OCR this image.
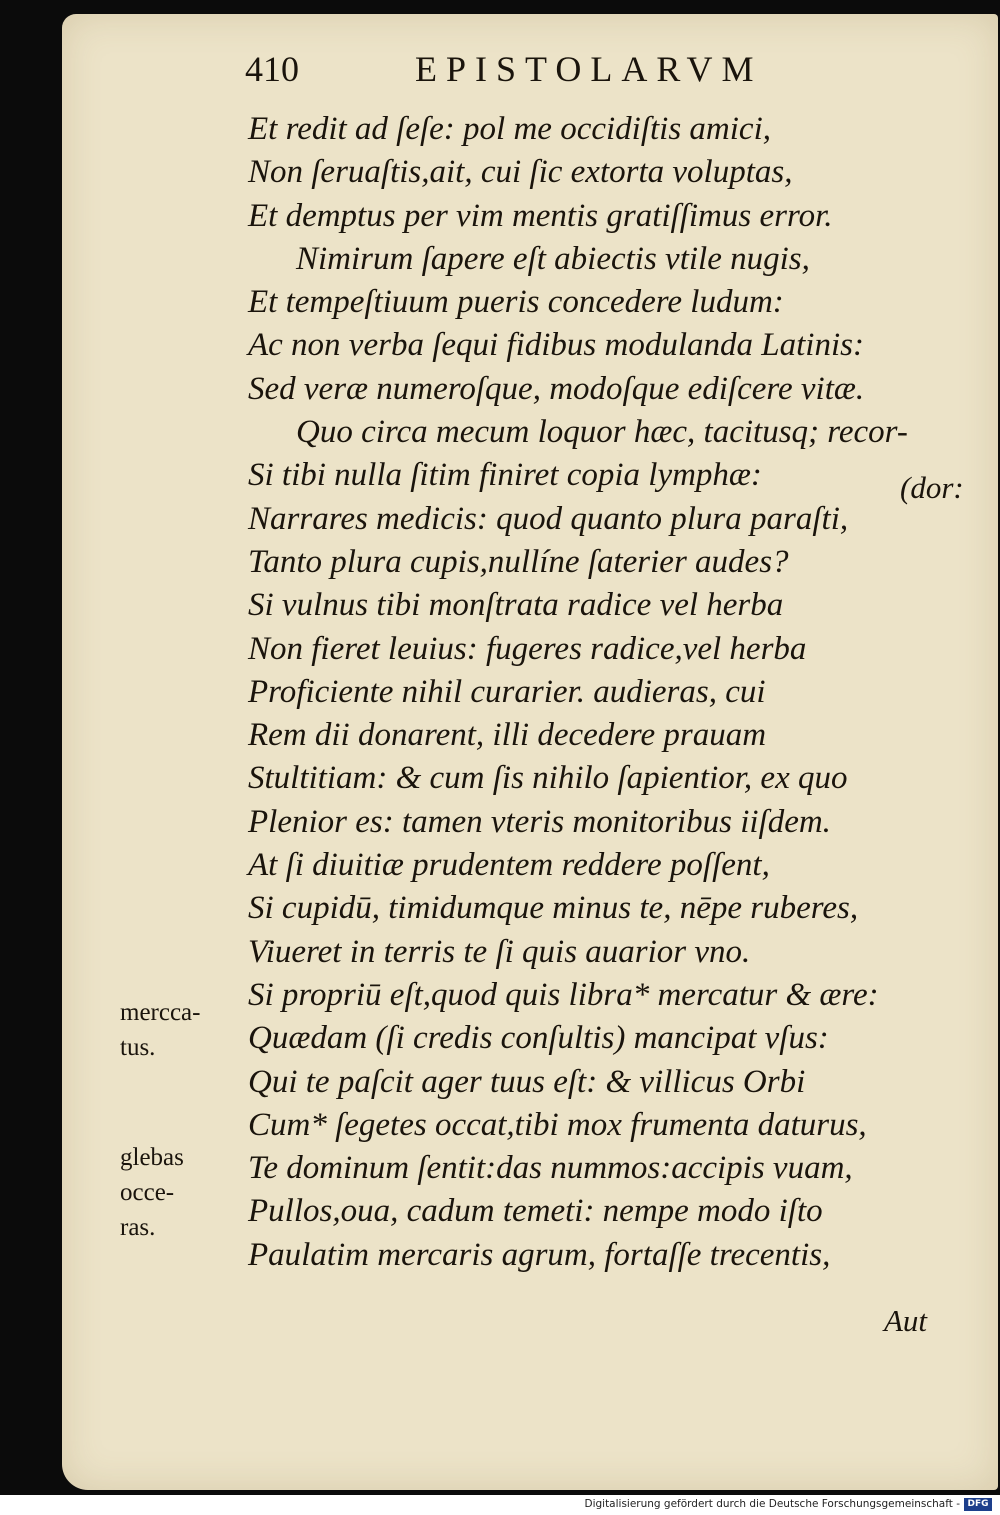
410	EPISTOLARVM
Et redit ad ſeſe: pol me occidiſtis amici,
Non ſeruaſtis,ait, cui ſic extorta voluptas,
Et demptus per vim mentis gratiſſimus error.
Nimirum ſapere eſt abiectis vtile nugis,
Et tempeſtiuum pueris concedere ludum:
Ac non verba ſequi fidibus modulanda Latinis:
Sed veræ numeroſque, modoſque ediſcere vitæ.
Quo circa mecum loquor hæc, tacitusq; recor-
Si tibi nulla ſitim finiret copia lymphæ:
Narrares medicis: quod quanto plura paraſti,
Tanto plura cupis,nullíne ſaterier audes?
Si vulnus tibi monſtrata radice vel herba
Non fieret leuius: fugeres radice,vel herba
Proficiente nihil curarier. audieras, cui
Rem dii donarent, illi decedere prauam
Stultitiam: & cum ſis nihilo ſapientior, ex quo
Plenior es: tamen vteris monitoribus iiſdem.
At ſi diuitiæ prudentem reddere poſſent,
Si cupidū, timidumque minus te, nēpe ruberes,
Viueret in terris te ſi quis auarior vno.
Si propriū eſt,quod quis libra* mercatur & ære:
Quædam (ſi credis conſultis) mancipat vſus:
Qui te paſcit ager tuus eſt: & villicus Orbi
Cum* ſegetes occat,tibi mox frumenta daturus,
Te dominum ſentit:das nummos:accipis vuam,
Pullos,oua, cadum temeti: nempe modo iſto
Paulatim mercaris agrum, fortaſſe trecentis,
(dor:
Aut
mercca-
tus.
glebas
occe-
ras.
Digitalisierung gefördert durch die Deutsche Forschungsgemeinschaft - DFG
